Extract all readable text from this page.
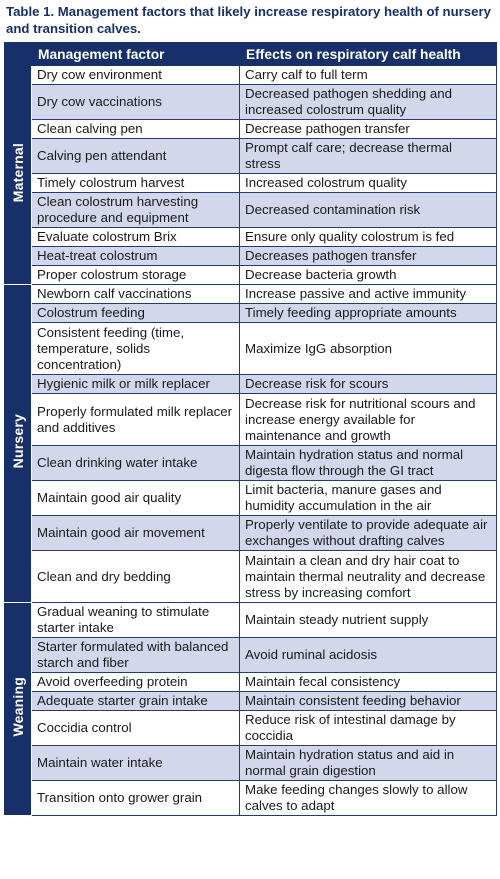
Table 1. Management factors that likely increase respiratory health of nursery and transition calves.
	Management factor	Effects on respiratory calf health
Maternal	Dry cow environment	Carry calf to full term
	Dry cow vaccinations	Decreased pathogen shedding and increased colostrum quality
	Clean calving pen	Decrease pathogen transfer
	Calving pen attendant	Prompt calf care; decrease thermal stress
	Timely colostrum harvest	Increased colostrum quality
	Clean colostrum harvesting procedure and equipment	Decreased contamination risk
	Evaluate colostrum Brix	Ensure only quality colostrum is fed
	Heat-treat colostrum	Decreases pathogen transfer
	Proper colostrum storage	Decrease bacteria growth
Nursery	Newborn calf vaccinations	Increase passive and active immunity
	Colostrum feeding	Timely feeding appropriate amounts
	Consistent feeding (time, temperature, solids concentration)	Maximize IgG absorption
	Hygienic milk or milk replacer	Decrease risk for scours
	Properly formulated milk replacer and additives	Decrease risk for nutritional scours and increase energy available for maintenance and growth
	Clean drinking water intake	Maintain hydration status and normal digesta flow through the GI tract
	Maintain good air quality	Limit bacteria, manure gases and humidity accumulation in the air
	Maintain good air movement	Properly ventilate to provide adequate air exchanges without drafting calves
	Clean and dry bedding	Maintain a clean and dry hair coat to maintain thermal neutrality and decrease stress by increasing comfort
Weaning	Gradual weaning to stimulate starter intake	Maintain steady nutrient supply
	Starter formulated with balanced starch and fiber	Avoid ruminal acidosis
	Avoid overfeeding protein	Maintain fecal consistency
	Adequate starter grain intake	Maintain consistent feeding behavior
	Coccidia control	Reduce risk of intestinal damage by coccidia
	Maintain water intake	Maintain hydration status and aid in normal grain digestion
	Transition onto grower grain	Make feeding changes slowly to allow calves to adapt
